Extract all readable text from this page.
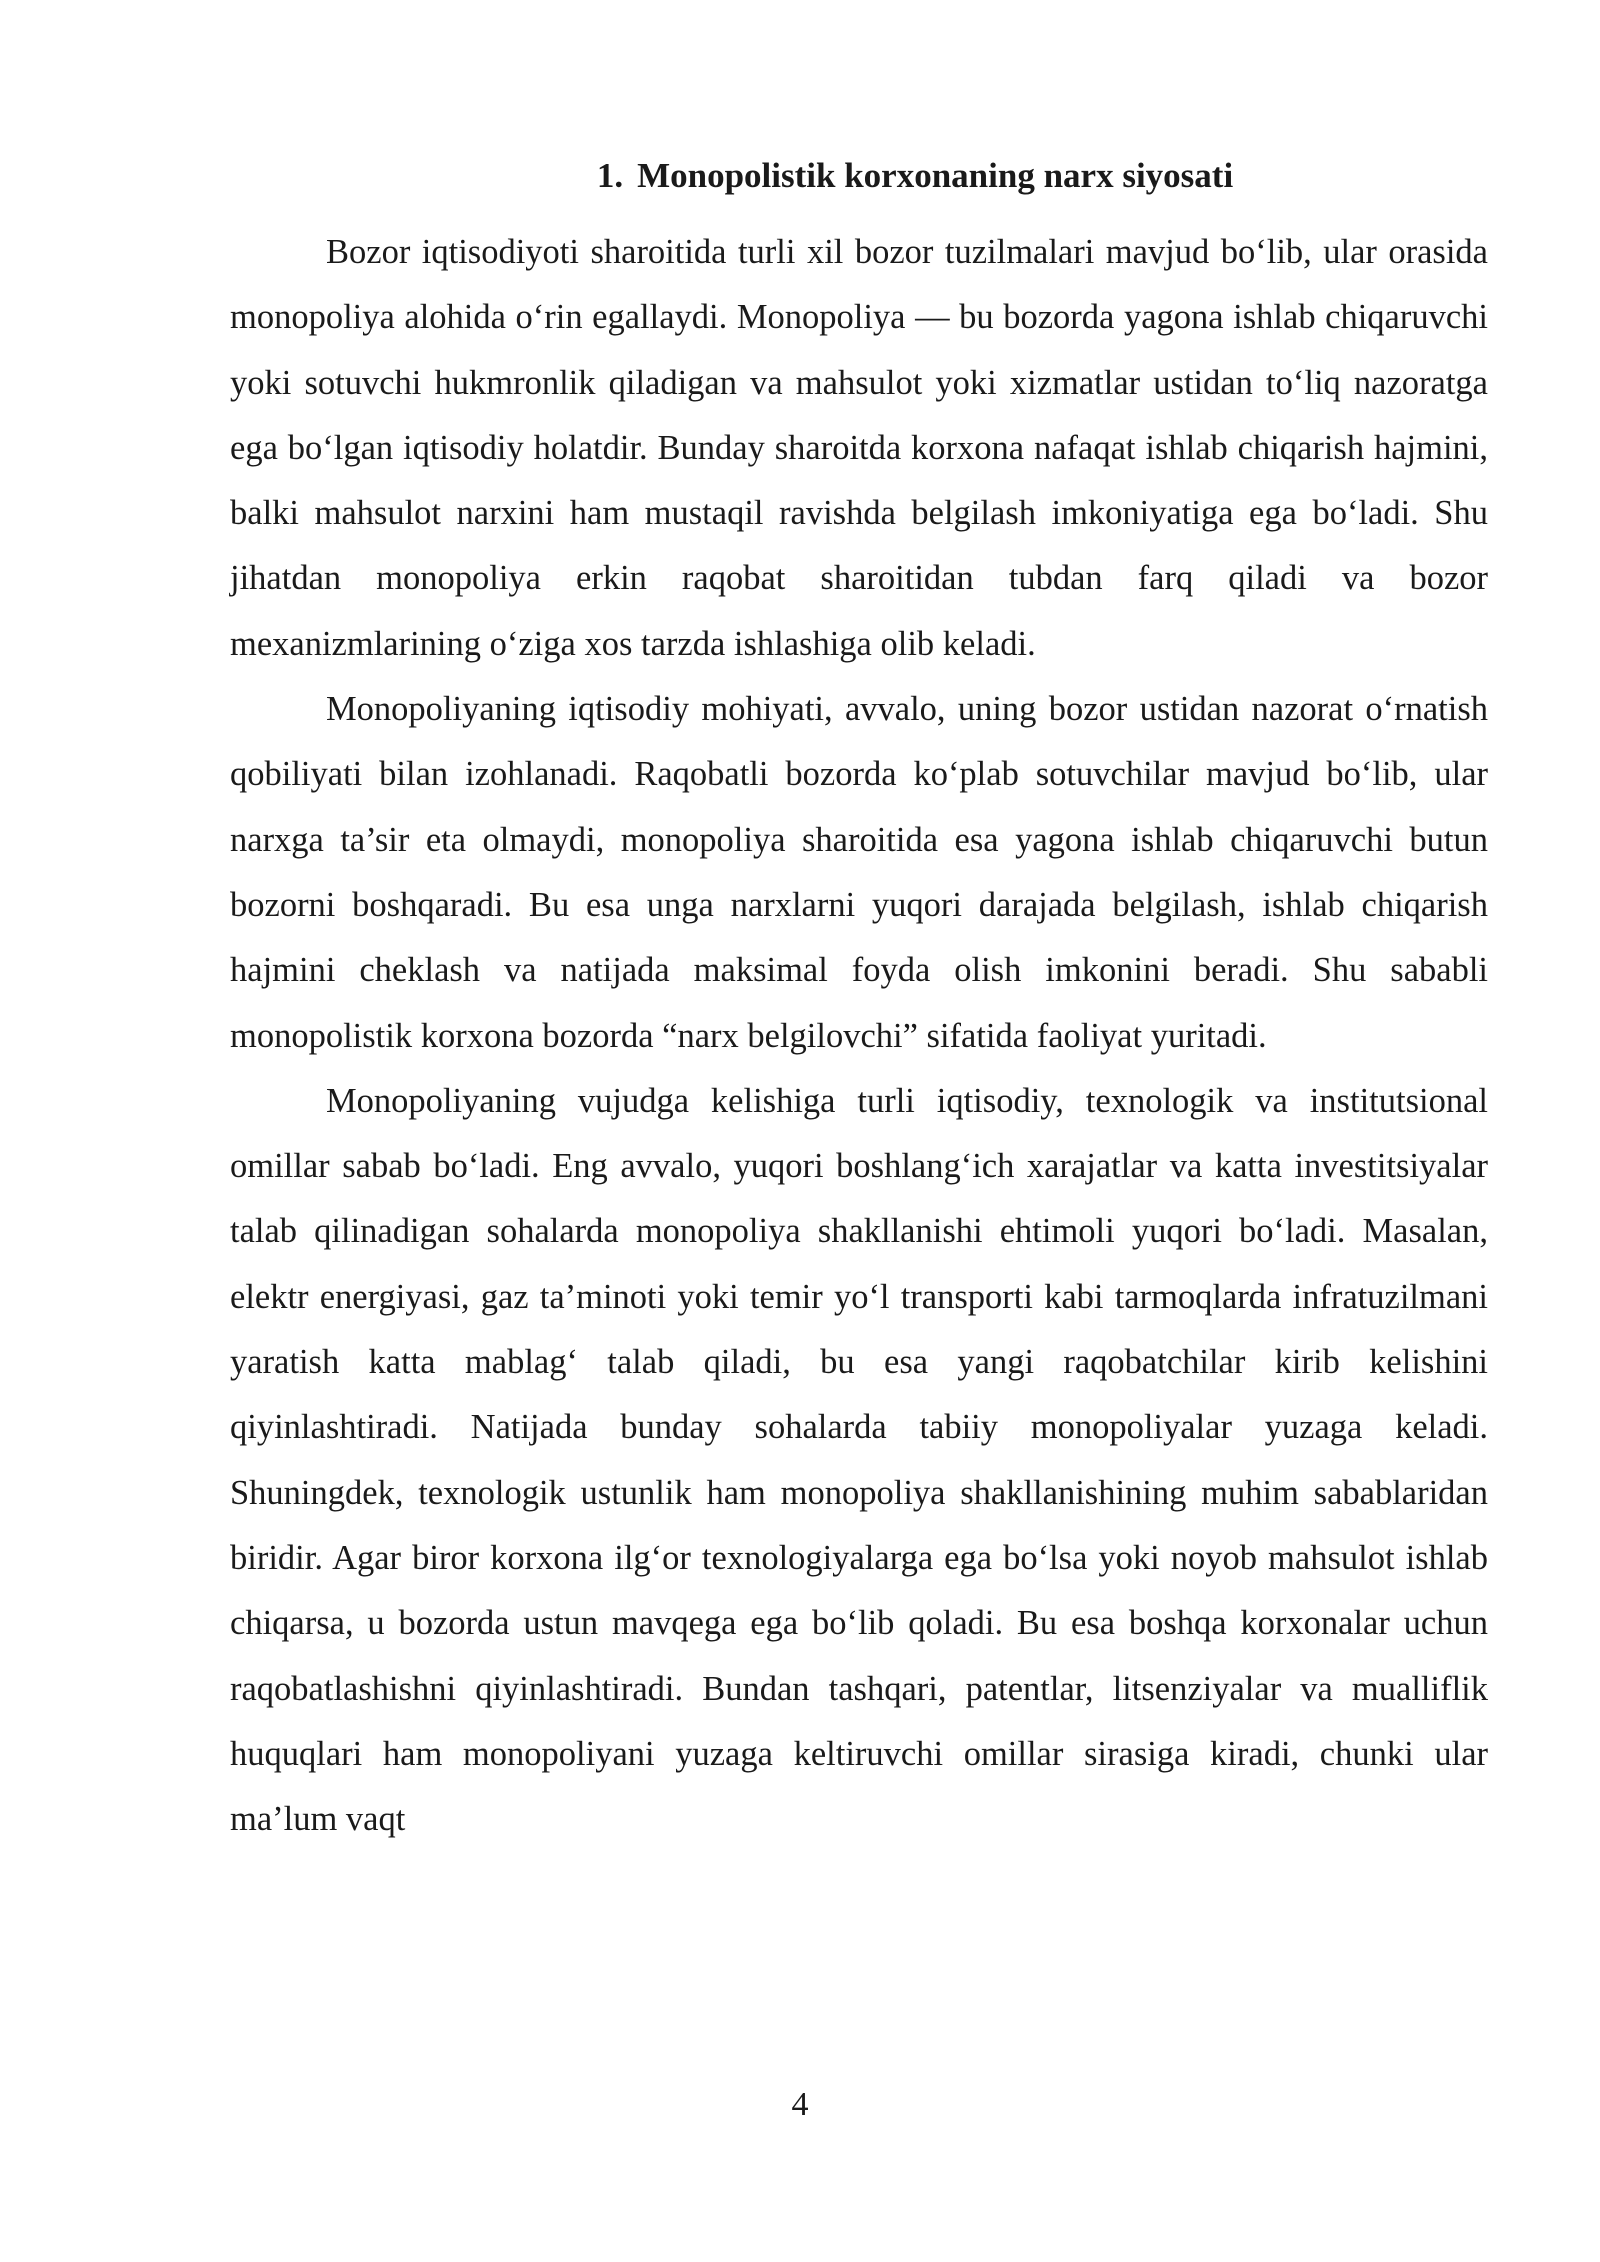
1. Monopolistik korxonaning narx siyosati

Bozor iqtisodiyoti sharoitida turli xil bozor tuzilmalari mavjud bo‘lib, ular orasida monopoliya alohida o‘rin egallaydi. Monopoliya — bu bozorda yagona ishlab chiqaruvchi yoki sotuvchi hukmronlik qiladigan va mahsulot yoki xizmatlar ustidan to‘liq nazoratga ega bo‘lgan iqtisodiy holatdir. Bunday sharoitda korxona nafaqat ishlab chiqarish hajmini, balki mahsulot narxini ham mustaqil ravishda belgilash imkoniyatiga ega bo‘ladi. Shu jihatdan monopoliya erkin raqobat sharoitidan tubdan farq qiladi va bozor mexanizmlarining o‘ziga xos tarzda ishlashiga olib keladi.

Monopoliyaning iqtisodiy mohiyati, avvalo, uning bozor ustidan nazorat o‘rnatish qobiliyati bilan izohlanadi. Raqobatli bozorda ko‘plab sotuvchilar mavjud bo‘lib, ular narxga ta’sir eta olmaydi, monopoliya sharoitida esa yagona ishlab chiqaruvchi butun bozorni boshqaradi. Bu esa unga narxlarni yuqori darajada belgilash, ishlab chiqarish hajmini cheklash va natijada maksimal foyda olish imkonini beradi. Shu sababli monopolistik korxona bozorda “narx belgilovchi” sifatida faoliyat yuritadi.

Monopoliyaning vujudga kelishiga turli iqtisodiy, texnologik va institutsional omillar sabab bo‘ladi. Eng avvalo, yuqori boshlang‘ich xarajatlar va katta investitsiyalar talab qilinadigan sohalarda monopoliya shakllanishi ehtimoli yuqori bo‘ladi. Masalan, elektr energiyasi, gaz ta’minoti yoki temir yo‘l transporti kabi tarmoqlarda infratuzilmani yaratish katta mablag‘ talab qiladi, bu esa yangi raqobatchilar kirib kelishini qiyinlashtiradi. Natijada bunday sohalarda tabiiy monopoliyalar yuzaga keladi. Shuningdek, texnologik ustunlik ham monopoliya shakllanishining muhim sabablaridan biridir. Agar biror korxona ilg‘or texnologiyalarga ega bo‘lsa yoki noyob mahsulot ishlab chiqarsa, u bozorda ustun mavqega ega bo‘lib qoladi. Bu esa boshqa korxonalar uchun raqobatlashishni qiyinlashtiradi. Bundan tashqari, patentlar, litsenziyalar va mualliflik huquqlari ham monopoliyani yuzaga keltiruvchi omillar sirasiga kiradi, chunki ular ma’lum vaqt

4
